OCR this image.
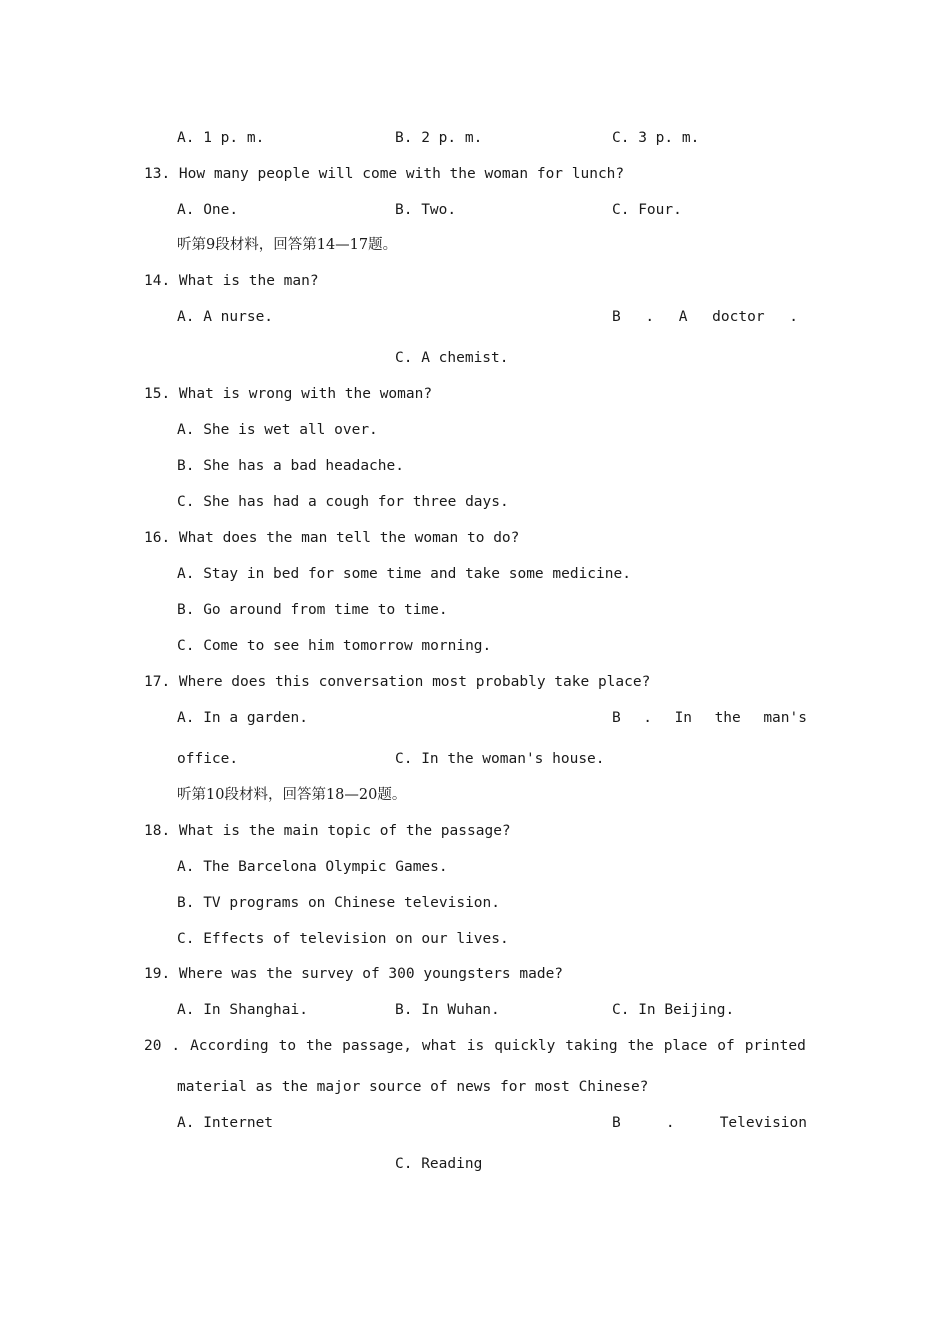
A. 1 p. m.	B. 2 p. m.	C. 3 p. m.
13. How many people will come with the woman for lunch?
A. One.	B. Two.	C. Four.
听第9段材料，回答第14—17题。
14. What is the man?
A. A nurse.	B . A doctor .
C. A chemist.
15. What is wrong with the woman?
A. She is wet all over.
B. She has a bad headache.
C. She has had a cough for three days.
16. What does the man tell the woman to do?
A. Stay in bed for some time and take some medicine.
B. Go around from time to time.
C. Come to see him tomorrow morning.
17. Where does this conversation most probably take place?
A. In a garden.	B . In the man's
office.	C. In the woman's house.
听第10段材料，回答第18—20题。
18. What is the main topic of the passage?
A. The Barcelona Olympic Games.
B. TV programs on Chinese television.
C. Effects of television on our lives.
19. Where was the survey of 300 youngsters made?
A. In Shanghai.	B. In Wuhan.	C. In Beijing.
20 . According to the passage, what is quickly taking the place of printed
material as the major source of news for most Chinese?
A. Internet	B	.	Television
C. Reading
